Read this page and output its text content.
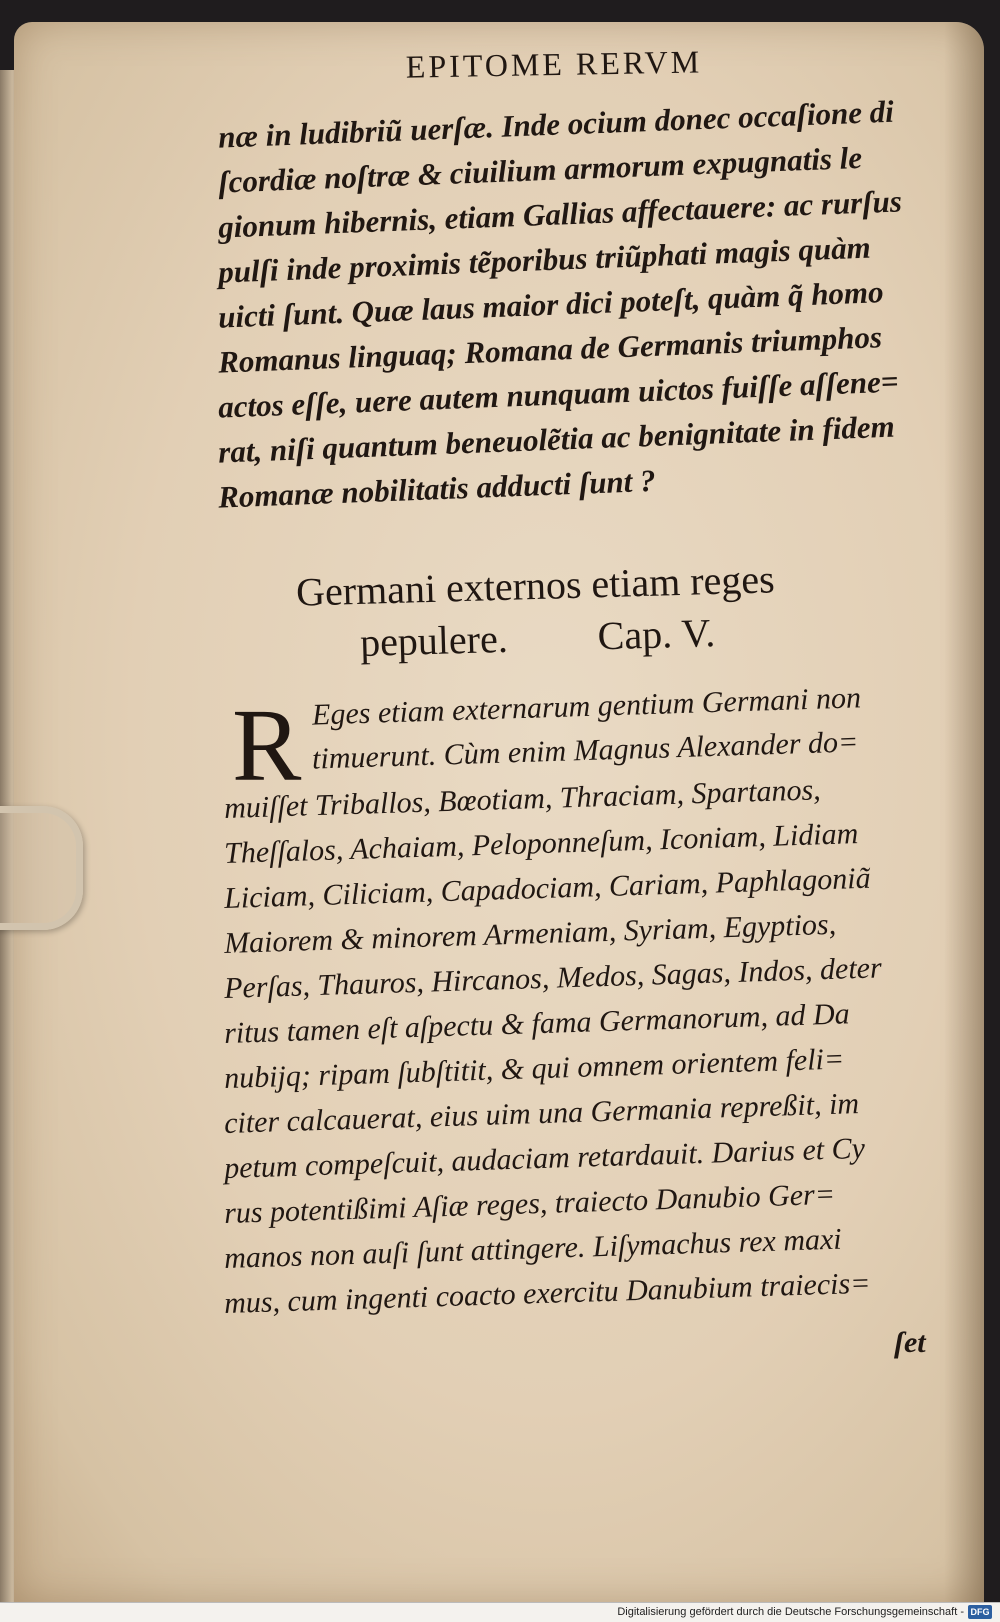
EPITOME RERVM
næ in ludibriũ uerſæ. Inde ocium donec occaſione di
ſcordiæ noſtræ & ciuilium armorum expugnatis le
gionum hibernis, etiam Gallias affectauere: ac rurſus
pulſi inde proximis tẽporibus triũphati magis quàm
uicti ſunt. Quæ laus maior dici poteſt, quàm q̃ homo
Romanus linguaq; Romana de Germanis triumphos
actos eſſe, uere autem nunquam uictos fuiſſe aſſene=
rat, niſi quantum beneuolẽtia ac benignitate in fidem
Romanæ nobilitatis adducti ſunt ?
Germani externos etiam reges
pepulere. Cap. V.
R Eges etiam externarum gentium Germani non
timuerunt. Cùm enim Magnus Alexander do=
muiſſet Triballos, Bœotiam, Thraciam, Spartanos,
Theſſalos, Achaiam, Peloponneſum, Iconiam, Lidiam
Liciam, Ciliciam, Capadociam, Cariam, Paphlagoniã
Maiorem & minorem Armeniam, Syriam, Egyptios,
Perſas, Thauros, Hircanos, Medos, Sagas, Indos, deter
ritus tamen eſt aſpectu & fama Germanorum, ad Da
nubijq; ripam ſubſtitit, & qui omnem orientem feli=
citer calcauerat, eius uim una Germania repreßit, im
petum compeſcuit, audaciam retardauit. Darius et Cy
rus potentißimi Aſiæ reges, traiecto Danubio Ger=
manos non auſi ſunt attingere. Liſymachus rex maxi
mus, cum ingenti coacto exercitu Danubium traiecis=
ſet
Digitalisierung gefördert durch die Deutsche Forschungsgemeinschaft - DFG
